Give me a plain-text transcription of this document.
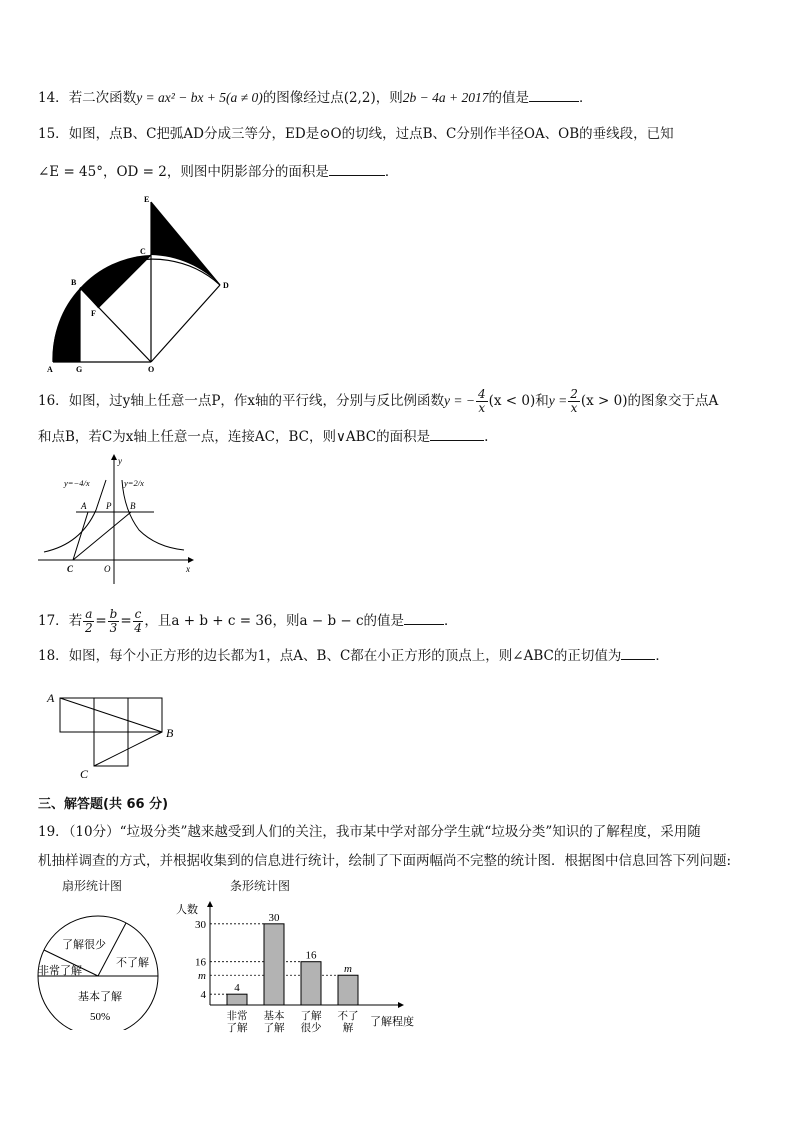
14．若二次函数y = ax² − bx + 5(a ≠ 0)的图像经过点(2,2)，则2b − 4a + 2017的值是	．
15．如图，点B、C把弧AD分成三等分，ED是⊙O的切线，过点B、C分别作半径OA、OB的垂线段，已知
∠E = 45°，OD = 2，则图中阴影部分的面积是	．
E
C
B	D
F
A	G	O
16．如图，过y轴上任意一点P，作x轴的平行线，分别与反比例函数y = − $\frac{4}{x} (x < 0)$和$y = \frac{2}{x} (x > 0)$的图象交于点A
和点B，若C为x轴上任意一点，连接AC，BC，则∨ABC的面积是	.
y=−4/x	y=2/x
y
x
A P B
C	O
17．若 $\frac{a}{2} = \frac{b}{3} = \frac{c}{4}$ ，且a + b + c = 36，则a − b − c的值是	．
18．如图，每个小正方形的边长都为1，点A、B、C都在小正方形的顶点上，则∠ABC的正切值为	．
A
B
C
三、解答题(共 66 分)
19．（10分）“垃圾分类”越来越受到人们的关注，我市某中学对部分学生就“垃圾分类”知识的了解程度，采用随
机抽样调查的方式，并根据收集到的信息进行统计，绘制了下面两幅尚不完整的统计图．根据图中信息回答下列问题:
扇形统计图
了解很少
不了解
非常了解
基本了解
50%
条形统计图
人数
了解程度
30
16
m
4
4
非常
了解
30
基本
了解
16
了解
很少
m
不了
解
